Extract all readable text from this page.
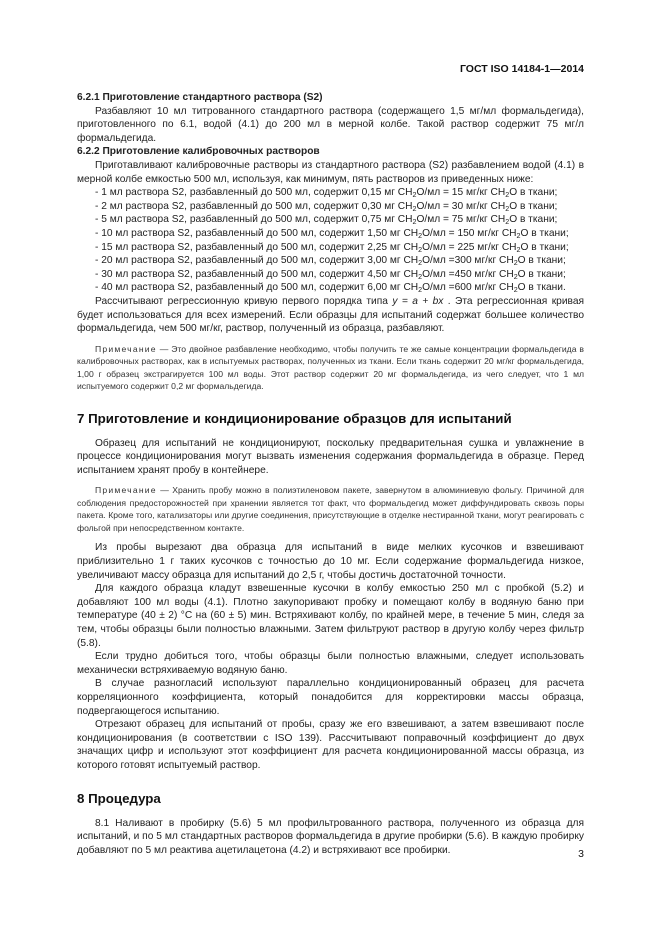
ГОСТ ISO 14184-1—2014

6.2.1 Приготовление стандартного раствора (S2)

Разбавляют 10 мл титрованного стандартного раствора (содержащего 1,5 мг/мл формальдегида), приготовленного по 6.1, водой (4.1) до 200 мл в мерной колбе. Такой раствор содержит 75 мг/л формальдегида.

6.2.2 Приготовление калибровочных растворов

Приготавливают калибровочные растворы из стандартного раствора (S2) разбавлением водой (4.1) в мерной колбе емкостью 500 мл, используя, как минимум, пять растворов из приведенных ниже:

- 1 мл раствора S2, разбавленный до 500 мл, содержит 0,15 мг $CH_2O/мл = 15$ мг/кг $CH_2O$ в ткани;
- 2 мл раствора S2, разбавленный до 500 мл, содержит 0,30 мг $CH_2O/мл = 30$ мг/кг $CH_2O$ в ткани;
- 5 мл раствора S2, разбавленный до 500 мл, содержит 0,75 мг $CH_2O/мл = 75$ мг/кг $CH_2O$ в ткани;
- 10 мл раствора S2, разбавленный до 500 мл, содержит 1,50 мг $CH_2O/мл = 150$ мг/кг $CH_2O$ в ткани;
- 15 мл раствора S2, разбавленный до 500 мл, содержит 2,25 мг $CH_2O/мл = 225$ мг/кг $CH_2O$ в ткани;
- 20 мл раствора S2, разбавленный до 500 мл, содержит 3,00 мг $CH_2O/мл =300$ мг/кг $CH_2O$ в ткани;
- 30 мл раствора S2, разбавленный до 500 мл, содержит 4,50 мг $CH_2O/мл =450$ мг/кг $CH_2O$ в ткани;
- 40 мл раствора S2, разбавленный до 500 мл, содержит 6,00 мг $CH_2O/мл =600$ мг/кг $CH_2O$ в ткани.

Рассчитывают регрессионную кривую первого порядка типа y = a + bx . Эта регрессионная кривая будет использоваться для всех измерений. Если образцы для испытаний содержат большее количество формальдегида, чем 500 мг/кг, раствор, полученный из образца, разбавляют.

Примечание — Это двойное разбавление необходимо, чтобы получить те же самые концентрации формальдегида в калибровочных растворах, как в испытуемых растворах, полученных из ткани. Если ткань содержит 20 мг/кг формальдегида, 1,00 г образец экстрагируется 100 мл воды. Этот раствор содержит 20 мг формальдегида, из чего следует, что 1 мл испытуемого содержит 0,2 мг формальдегида.

7 Приготовление и кондиционирование образцов для испытаний

Образец для испытаний не кондиционируют, поскольку предварительная сушка и увлажнение в процессе кондиционирования могут вызвать изменения содержания формальдегида в образце. Перед испытанием хранят пробу в контейнере.

Примечание — Хранить пробу можно в полиэтиленовом пакете, завернутом в алюминиевую фольгу. Причиной для соблюдения предосторожностей при хранении является тот факт, что формальдегид может диффундировать сквозь поры пакета. Кроме того, катализаторы или другие соединения, присутствующие в отделке нестиранной ткани, могут реагировать с фольгой при непосредственном контакте.

Из пробы вырезают два образца для испытаний в виде мелких кусочков и взвешивают приблизительно 1 г таких кусочков с точностью до 10 мг. Если содержание формальдегида низкое, увеличивают массу образца для испытаний до 2,5 г, чтобы достичь достаточной точности.

Для каждого образца кладут взвешенные кусочки в колбу емкостью 250 мл с пробкой (5.2) и добавляют 100 мл воды (4.1). Плотно закупоривают пробку и помещают колбу в водяную баню при температуре (40 ± 2) °С на (60 ± 5) мин. Встряхивают колбу, по крайней мере, в течение 5 мин, следя за тем, чтобы образцы были полностью влажными. Затем фильтруют раствор в другую колбу через фильтр (5.8).

Если трудно добиться того, чтобы образцы были полностью влажными, следует использовать механически встряхиваемую водяную баню.

В случае разногласий используют параллельно кондиционированный образец для расчета корреляционного коэффициента, который понадобится для корректировки массы образца, подвергающегося испытанию.

Отрезают образец для испытаний от пробы, сразу же его взвешивают, а затем взвешивают после кондиционирования (в соответствии с ISO 139). Рассчитывают поправочный коэффициент до двух значащих цифр и используют этот коэффициент для расчета кондиционированной массы образца, из которого готовят испытуемый раствор.

8 Процедура

8.1 Наливают в пробирку (5.6) 5 мл профильтрованного раствора, полученного из образца для испытаний, и по 5 мл стандартных растворов формальдегида в другие пробирки (5.6). В каждую пробирку добавляют по 5 мл реактива ацетилацетона (4.2) и встряхивают все пробирки.	3
